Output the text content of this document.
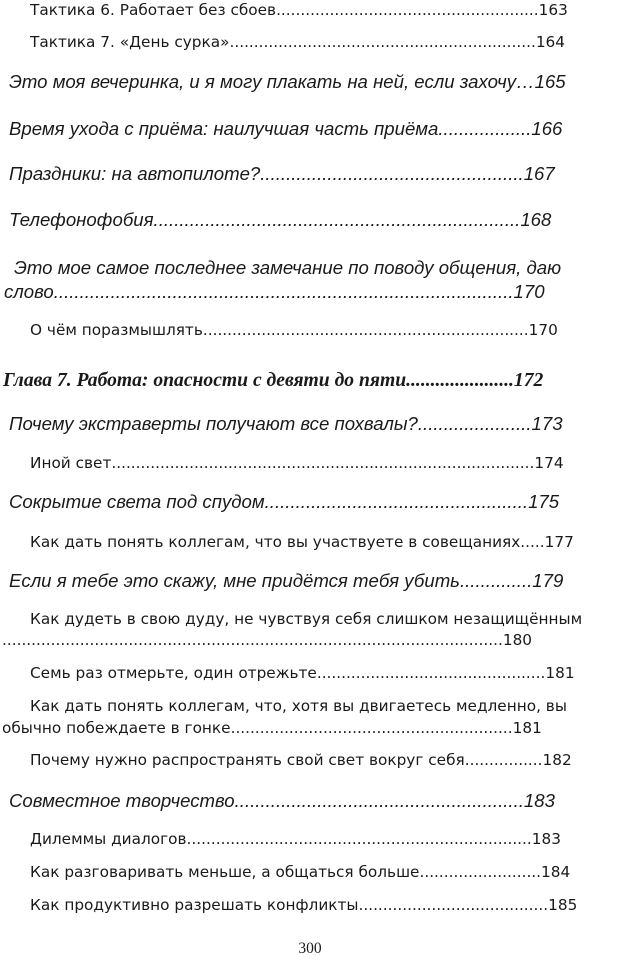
Тактика 6. Работает без сбоев......................................................163
Тактика 7. «День сурка»...............................................................164
Это моя вечеринка, и я могу плакать на ней, если захочу…165
Время ухода с приёма: наилучшая часть приёма..................166
Праздники: на автопилоте?...................................................167
Телефонофобия.......................................................................168
Это мое самое последнее замечание по поводу общения, даю
слово.........................................................................................170
О чём поразмышлять...................................................................170
Глава 7. Работа: опасности с девяти до пяти......................172
Почему экстраверты получают все похвалы?......................173
Иной свет.......................................................................................174
Сокрытие света под спудом...................................................175
Как дать понять коллегам, что вы участвуете в совещаниях.....177
Если я тебе это скажу, мне придётся тебя убить..............179
Как дудеть в свою дуду, не чувствуя себя слишком незащищённым
.......................................................................................................180
Семь раз отмерьте, один отрежьте...............................................181
Как дать понять коллегам, что, хотя вы двигаетесь медленно, вы
обычно побеждаете в гонке..........................................................181
Почему нужно распространять свой свет вокруг себя................182
Совместное творчество........................................................183
Дилеммы диалогов.......................................................................183
Как разговаривать меньше, а общаться больше.........................184
Как продуктивно разрешать конфликты.......................................185
300
